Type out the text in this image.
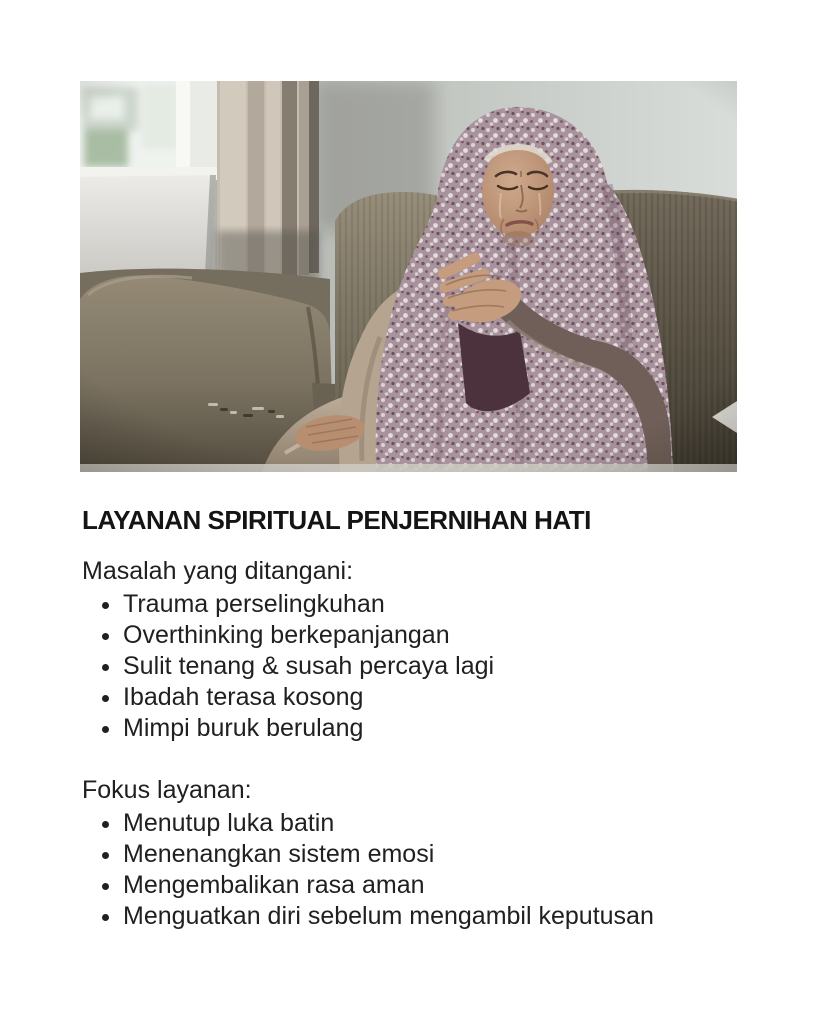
LAYANAN SPIRITUAL PENJERNIHAN HATI

Masalah yang ditangani:

• Trauma perselingkuhan
• Overthinking berkepanjangan
• Sulit tenang & susah percaya lagi
• Ibadah terasa kosong
• Mimpi buruk berulang

Fokus layanan:

• Menutup luka batin
• Menenangkan sistem emosi
• Mengembalikan rasa aman
• Menguatkan diri sebelum mengambil keputusan
